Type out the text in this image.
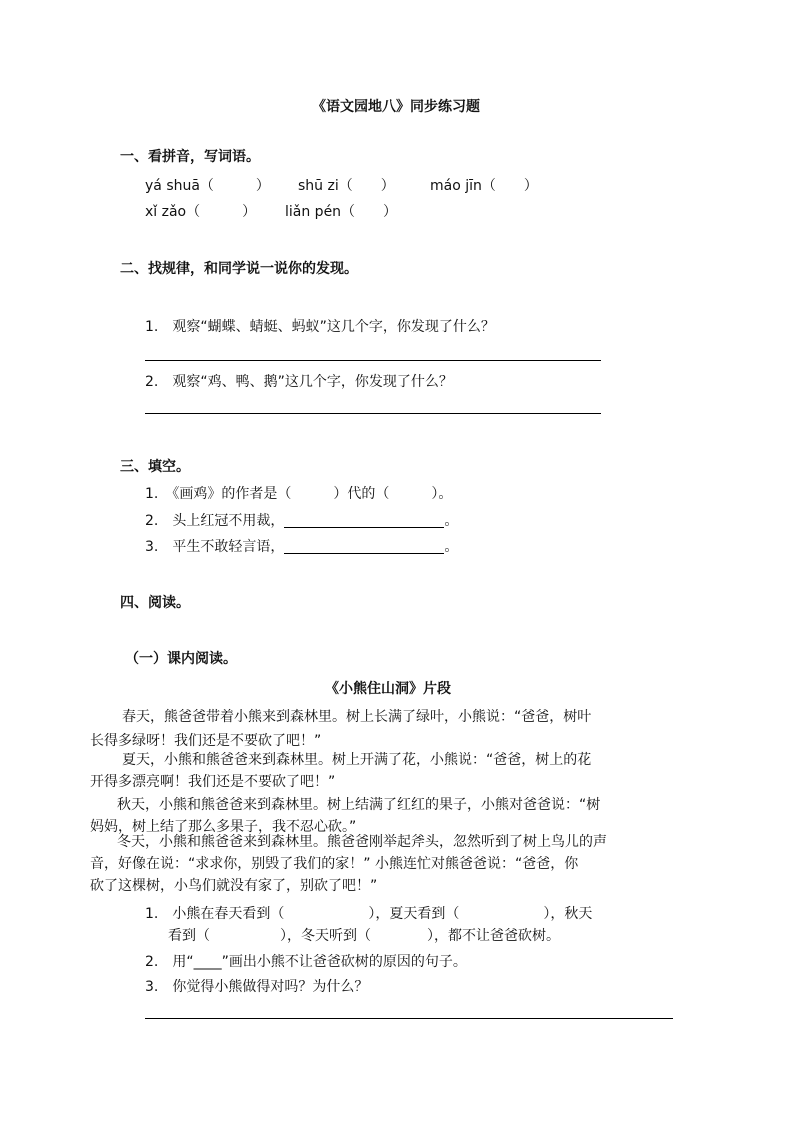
《语文园地八》同步练习题
一、看拼音，写词语。
yá shuā（　　　） shū zi（　　）	máo jīn（　　）
xǐ zǎo（　　　） liǎn pén（　　）
二、找规律，和同学说一说你的发现。
1.　观察“蝴蝶、蜻蜓、蚂蚁”这几个字，你发现了什么？
2.　观察“鸡、鸭、鹅”这几个字，你发现了什么？
三、填空。
1.　《画鸡》的作者是（　　　）代的（　　　）。
2.　头上红冠不用裁，	。
3.　平生不敢轻言语，	。
四、阅读。
（一）课内阅读。
《小熊住山洞》片段
春天，熊爸爸带着小熊来到森林里。树上长满了绿叶，小熊说：“爸爸，树叶
长得多绿呀！我们还是不要砍了吧！”
夏天，小熊和熊爸爸来到森林里。树上开满了花，小熊说：“爸爸，树上的花
开得多漂亮啊！我们还是不要砍了吧！”
秋天，小熊和熊爸爸来到森林里。树上结满了红红的果子，小熊对爸爸说：“树
妈妈，树上结了那么多果子，我不忍心砍。”
冬天，小熊和熊爸爸来到森林里。熊爸爸刚举起斧头，忽然听到了树上鸟儿的声
音，好像在说：“求求你，别毁了我们的家！” 小熊连忙对熊爸爸说：“爸爸，你
砍了这棵树，小鸟们就没有家了，别砍了吧！”
1.　小熊在春天看到（　　　　　　），夏天看到（　　　　　　），秋天
看到（　　　　　），冬天听到（　　　　），都不让爸爸砍树。
2.　用“____”画出小熊不让爸爸砍树的原因的句子。
3.　你觉得小熊做得对吗？为什么？
